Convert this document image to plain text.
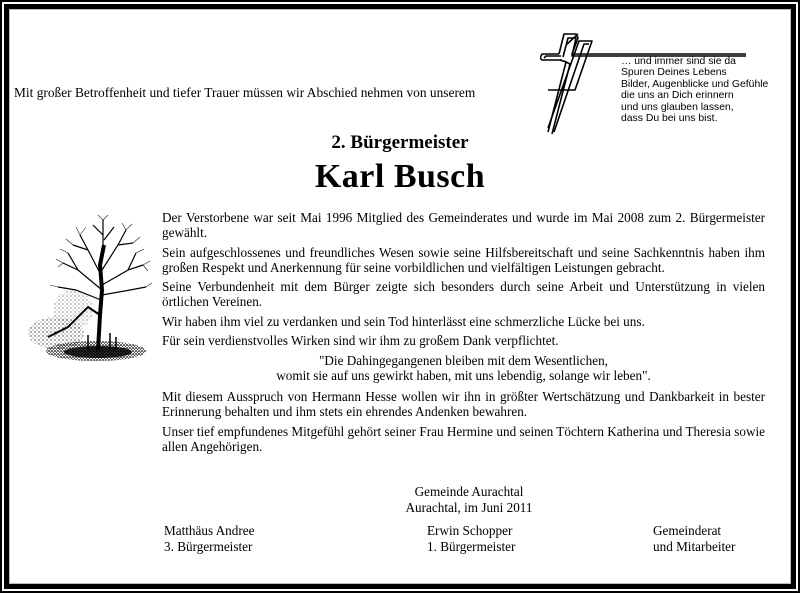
Mit großer Betroffenheit und tiefer Trauer müssen wir Abschied nehmen von unserem
… und immer sind sie da
Spuren Deines Lebens
Bilder, Augenblicke und Gefühle
die uns an Dich erinnern
und uns glauben lassen,
dass Du bei uns bist.
2. Bürgermeister
Karl Busch

Der Verstorbene war seit Mai 1996 Mitglied des Gemeinderates und wurde im Mai 2008 zum 2. Bürgermeister gewählt.

Sein aufgeschlossenes und freundliches Wesen sowie seine Hilfsbereitschaft und seine Sachkenntnis haben ihm großen Respekt und Anerkennung für seine vorbildlichen und vielfältigen Leistungen gebracht.

Seine Verbundenheit mit dem Bürger zeigte sich besonders durch seine Arbeit und Unterstützung in vielen örtlichen Vereinen.

Wir haben ihm viel zu verdanken und sein Tod hinterlässt eine schmerzliche Lücke bei uns.

Für sein verdienstvolles Wirken sind wir ihm zu großem Dank verpflichtet.

"Die Dahingegangenen bleiben mit dem Wesentlichen,
womit sie auf uns gewirkt haben, mit uns lebendig, solange wir leben".

Mit diesem Ausspruch von Hermann Hesse wollen wir ihn in größter Wertschätzung und Dankbarkeit in bester Erinnerung behalten und ihm stets ein ehrendes Andenken bewahren.

Unser tief empfundenes Mitgefühl gehört seiner Frau Hermine und seinen Töchtern Katherina und Theresia sowie allen Angehörigen.

Gemeinde Aurachtal
Aurachtal, im Juni 2011
Matthäus Andree
3. Bürgermeister
Erwin Schopper
1. Bürgermeister
Gemeinderat
und Mitarbeiter
